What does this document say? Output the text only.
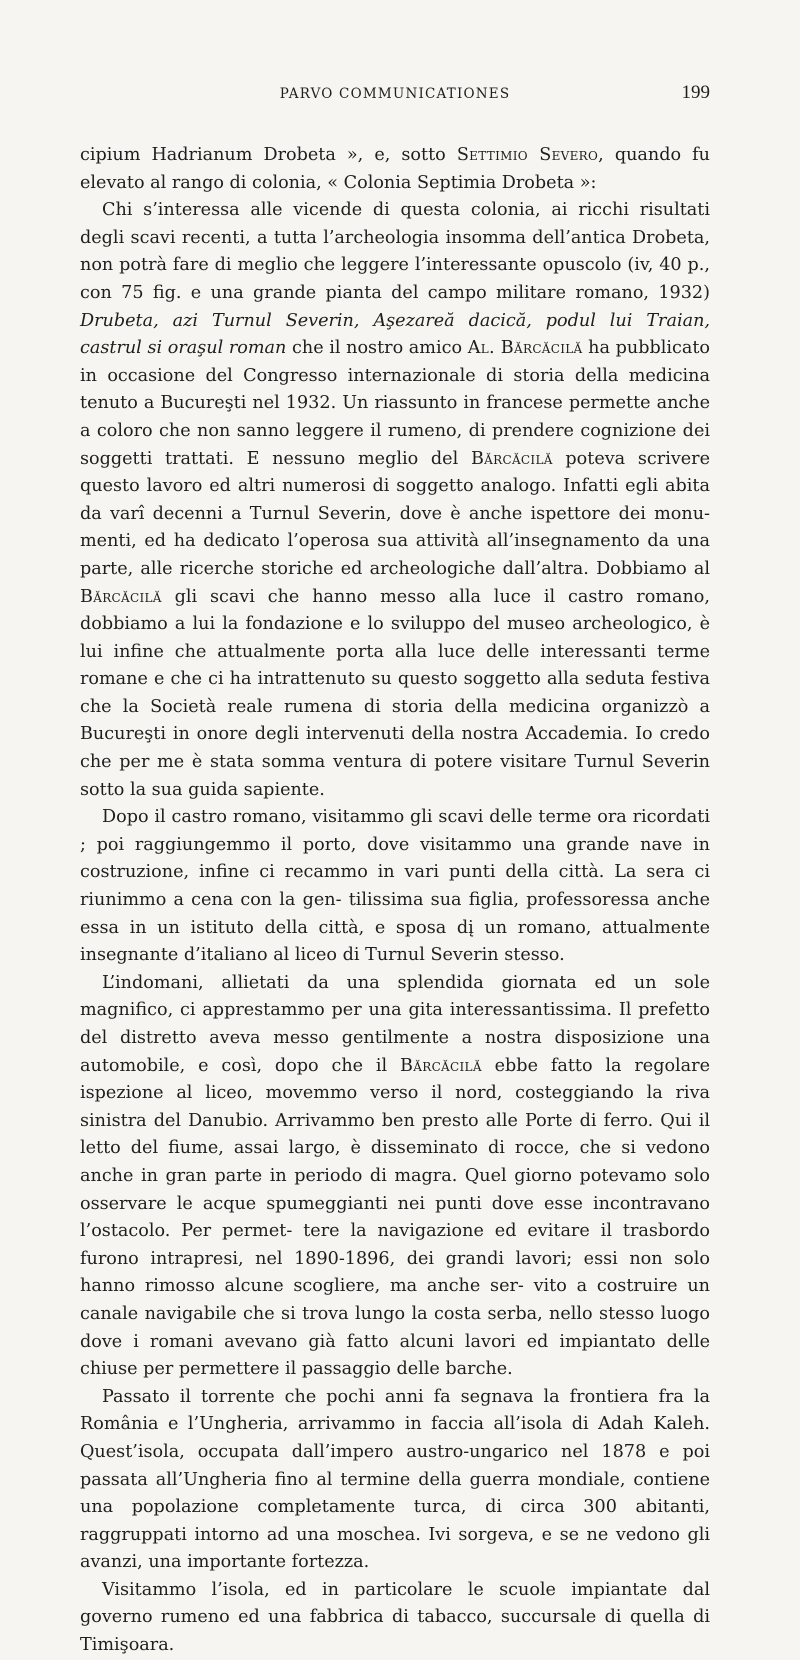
PARVO COMMUNICATIONES	199

cipium Hadrianum Drobeta », e, sotto Settimio Severo, quando fu elevato al rango di colonia, « Colonia Septimia Drobeta »:

Chi s’interessa alle vicende di questa colonia, ai ricchi risultati degli scavi recenti, a tutta l’archeologia insomma dell’antica Drobeta, non potrà fare di meglio che leggere l’interessante opuscolo (iv, 40 p., con 75 fig. e una grande pianta del campo militare romano, 1932) Drubeta, azi Turnul Severin, Aşezareă dacică, podul lui Traian, castrul si oraşul roman che il nostro amico Al. Bărcăcilă ha pubblicato in occasione del Congresso internazionale di storia della medicina tenuto a Bucureşti nel 1932. Un riassunto in francese permette anche a coloro che non sanno leggere il rumeno, di prendere cognizione dei soggetti trattati. E nessuno meglio del Bărcăcilă poteva scrivere questo lavoro ed altri numerosi di soggetto analogo. Infatti egli abita da varî decenni a Turnul Severin, dove è anche ispettore dei monu- menti, ed ha dedicato l’operosa sua attività all’insegnamento da una parte, alle ricerche storiche ed archeologiche dall’altra. Dobbiamo al Bărcăcilă gli scavi che hanno messo alla luce il castro romano, dobbiamo a lui la fondazione e lo sviluppo del museo archeologico, è lui infine che attualmente porta alla luce delle interessanti terme romane e che ci ha intrattenuto su questo soggetto alla seduta festiva che la Società reale rumena di storia della medicina organizzò a Bucureşti in onore degli intervenuti della nostra Accademia. Io credo che per me è stata somma ventura di potere visitare Turnul Severin sotto la sua guida sapiente.

Dopo il castro romano, visitammo gli scavi delle terme ora ricordati ; poi raggiungemmo il porto, dove visitammo una grande nave in costruzione, infine ci recammo in vari punti della città. La sera ci riunimmo a cena con la gen- tilissima sua figlia, professoressa anche essa in un istituto della città, e sposa dį un romano, attualmente insegnante d’italiano al liceo di Turnul Severin stesso.

L’indomani, allietati da una splendida giornata ed un sole magnifico, ci apprestammo per una gita interessantissima. Il prefetto del distretto aveva messo gentilmente a nostra disposizione una automobile, e così, dopo che il Bărcăcilă ebbe fatto la regolare ispezione al liceo, movemmo verso il nord, costeggiando la riva sinistra del Danubio. Arrivammo ben presto alle Porte di ferro. Qui il letto del fiume, assai largo, è disseminato di rocce, che si vedono anche in gran parte in periodo di magra. Quel giorno potevamo solo osservare le acque spumeggianti nei punti dove esse incontravano l’ostacolo. Per permet- tere la navigazione ed evitare il trasbordo furono intrapresi, nel 1890-1896, dei grandi lavori; essi non solo hanno rimosso alcune scogliere, ma anche ser- vito a costruire un canale navigabile che si trova lungo la costa serba, nello stesso luogo dove i romani avevano già fatto alcuni lavori ed impiantato delle chiuse per permettere il passaggio delle barche.

Passato il torrente che pochi anni fa segnava la frontiera fra la România e l’Ungheria, arrivammo in faccia all’isola di Adah Kaleh. Quest’isola, occupata dall’impero austro-ungarico nel 1878 e poi passata all’Ungheria fino al termine della guerra mondiale, contiene una popolazione completamente turca, di circa 300 abitanti, raggruppati intorno ad una moschea. Ivi sorgeva, e se ne vedono gli avanzi, una importante fortezza.

Visitammo l’isola, ed in particolare le scuole impiantate dal governo rumeno ed una fabbrica di tabacco, succursale di quella di Timişoara.
